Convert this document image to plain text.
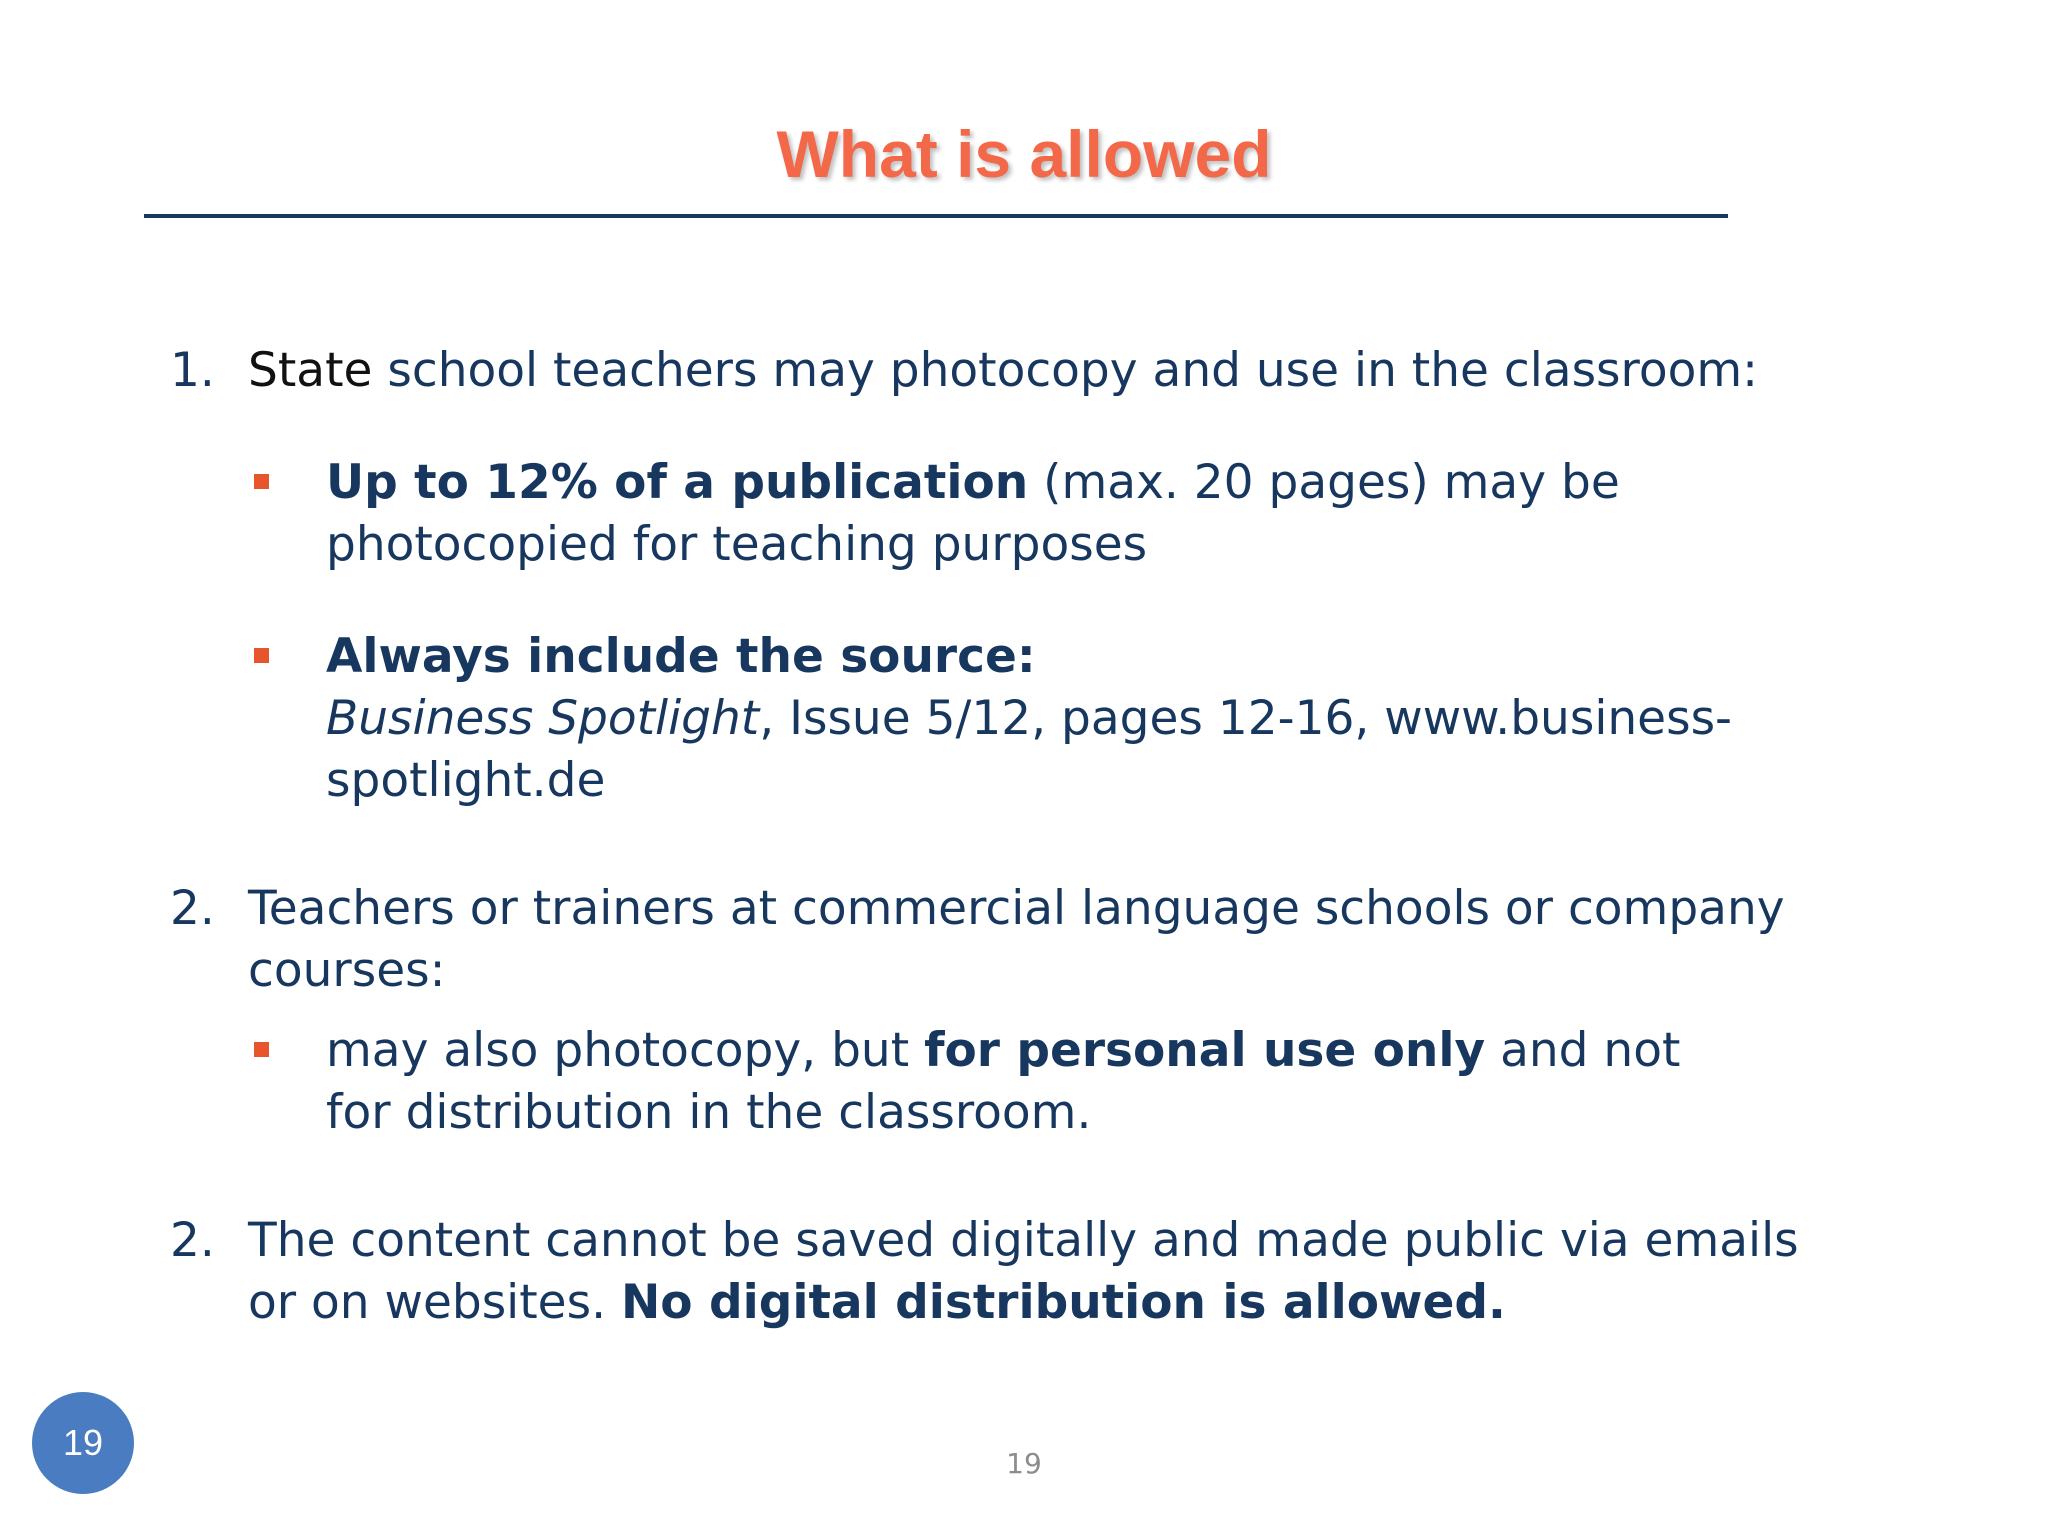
What is allowed
1. State school teachers may photocopy and use in the classroom:
Up to 12% of a publication (max. 20 pages) may be photocopied for teaching purposes
Always include the source:
Business Spotlight, Issue 5/12, pages 12-16, www.business-spotlight.de
2. Teachers or trainers at commercial language schools or company courses:
may also photocopy, but for personal use only and not for distribution in the classroom.
2. The content cannot be saved digitally and made public via emails or on websites. No digital distribution is allowed.
19
19
